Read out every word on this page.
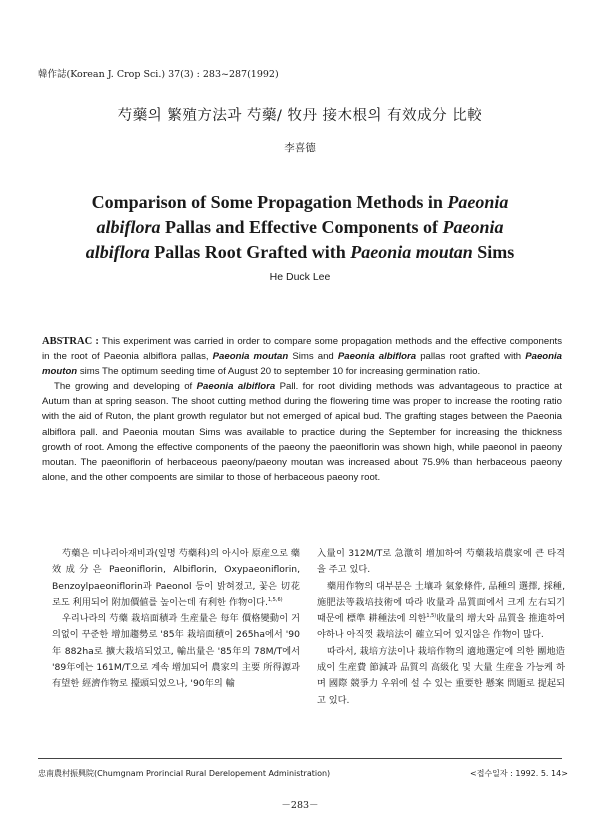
韓作誌(Korean J. Crop Sci.) 37(3) : 283~287(1992)
芍藥의 繁殖方法과 芍藥/ 牧丹 接木根의 有效成分 比較
李喜德
Comparison of Some Propagation Methods in Paeonia
albiflora Pallas and Effective Components of Paeonia
albiflora Pallas Root Grafted with Paeonia moutan Sims
He Duck Lee

ABSTRAC : This experiment was carried in order to compare some propagation methods and the effective components in the root of Paeonia albiflora pallas, Paeonia moutan Sims and Paeonia albiflora pallas root grafted with Paeonia mouton sims The optimum seeding time of August 20 to september 10 for increasing germination ratio.

The growing and developing of Paeonia albiflora Pall. for root dividing methods was advantageous to practice at Autum than at spring season. The shoot cutting method during the flowering time was proper to increase the rooting ratio with the aid of Ruton, the plant growth regulator but not emerged of apical bud. The grafting stages between the Paeonia albiflora pall. and Paeonia moutan Sims was available to practice during the September for increasing the thickness growth of root. Among the effective components of the paeony the paeoniflorin was shown high, while paeonol in paeony moutan. The paeoniflorin of herbaceous paeony/paeony moutan was increased about 75.9% than herbaceous paeony alone, and the other compoents are similar to those of herbaceous paeony root.

芍藥은 미나리아재비과(일명 芍藥科)의 아시아 原産으로 藥效成分은 Paeoniflorin, Albiflorin, Oxypaeoniflorin, Benzoylpaeoniflorin과 Paeonol 등이 밝혀졌고, 꽃은 切花로도 利用되어 附加價値를 높이는데 有利한 作物이다.$^{1,5,6)}$

우리나라의 芍藥 栽培面積과 生産量은 每年 價格變動이 거의없이 꾸준한 增加趨勢로 '85年 栽培面積이 265ha에서 '90年 882ha로 擴大栽培되었고, 輸出量은 '85年의 78M/T에서 '89年에는 161M/T으로 계속 增加되어 農家의 主要 所得源과 有望한 經濟作物로 擡頭되었으나, '90年의 輸

入量이 312M/T로 急激히 增加하여 芍藥栽培農家에 큰 타격을 주고 있다.

藥用作物의 대부분은 土壤과 氣象條件, 品種의 選擇, 採種, 施肥法等栽培技術에 따라 收量과 品質面에서 크게 左右되기 때문에 標準 耕種法에 의한$^{1,5)}$收量의 增大와 品質을 推進하여야하나 아직껏 栽培法이 確立되어 있지않은 作物이 많다.

따라서, 栽培方法이나 栽培作物의 適地選定에 의한 團地造成이 生産費 節減과 品質의 高級化 및 大量 生産을 가능케 하며 國際 競爭力 우위에 설 수 있는 重要한 懸案 問題로 提起되고 있다.

忠南農村振興院(Chumgnam Prorincial Rural Derelopement Administration)	<접수일자 : 1992. 5. 14>
－283－
